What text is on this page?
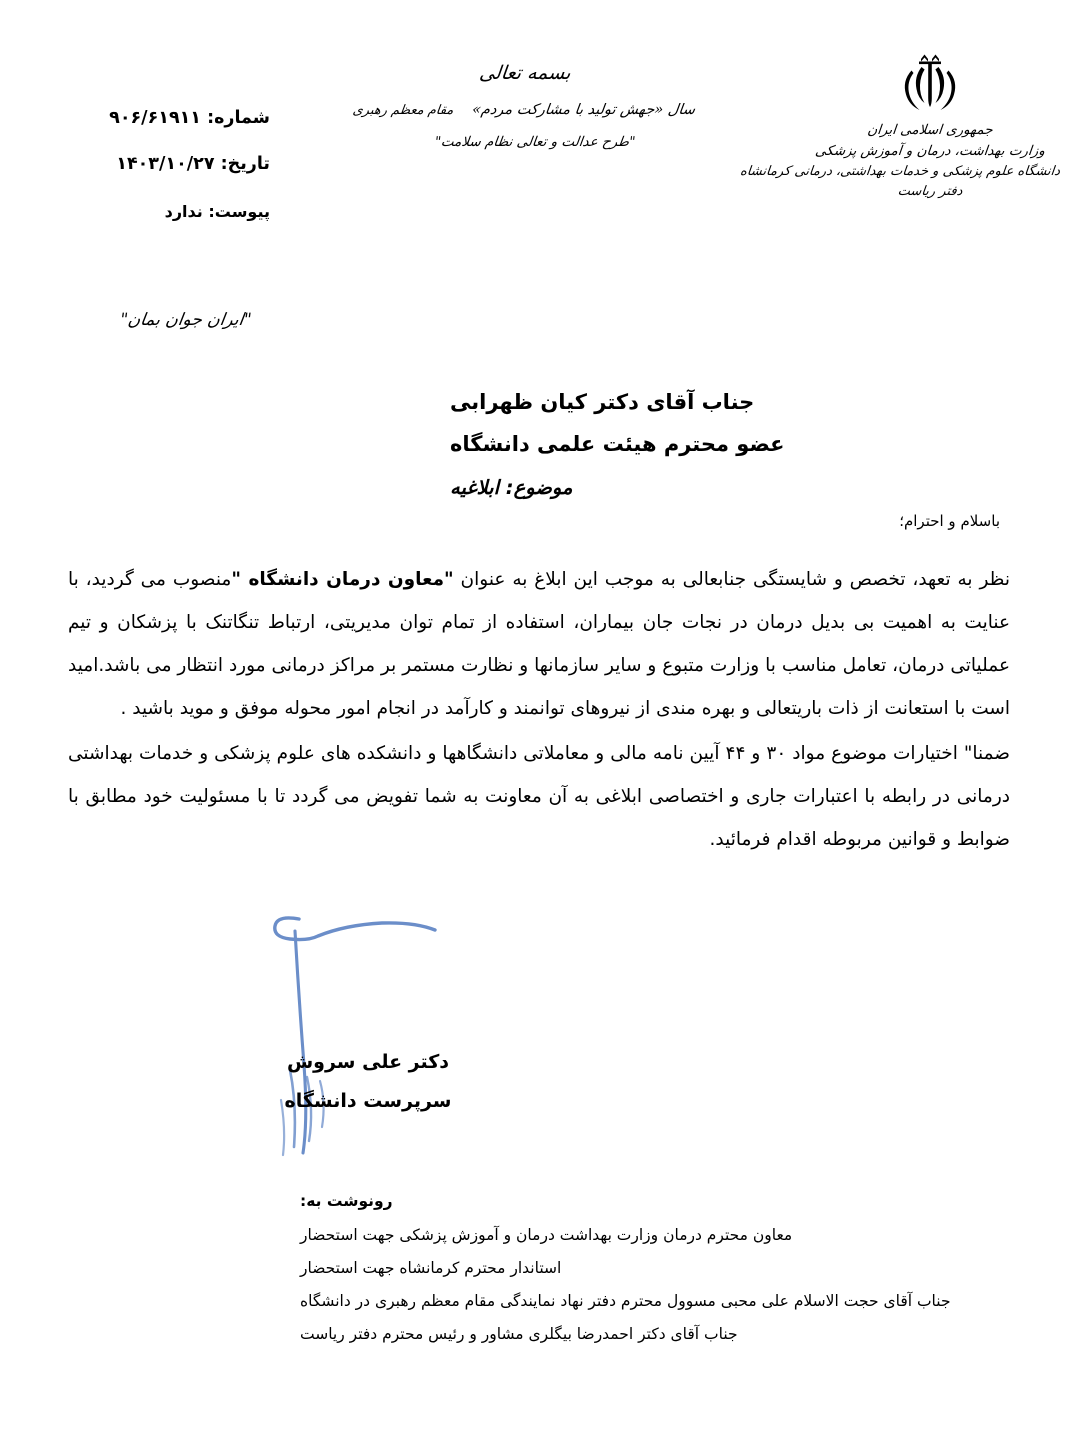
شماره: ۹۰۶/۶۱۹۱۱
تاریخ: ۱۴۰۳/۱۰/۲۷
پیوست: ندارد
بسمه تعالی
سال «جهش تولید با مشارکت مردم» مقام معظم رهبری
"طرح عدالت و تعالی نظام سلامت"
جمهوری اسلامی ایران
وزارت بهداشت، درمان و آموزش پزشکی
دانشگاه علوم پزشکی و خدمات بهداشتی، درمانی کرمانشاه
دفتر ریاست
"ایران جوان بمان"
جناب آقای دکتر کیان ظهرابی
عضو محترم هیئت علمی دانشگاه
موضوع: ابلاغیه
باسلام و احترام؛

نظر به تعهد، تخصص و شایستگی جنابعالی به موجب این ابلاغ به عنوان "معاون درمان دانشگاه "منصوب می گردید، با عنایت به اهمیت بی بدیل درمان در نجات جان بیماران، استفاده از تمام توان مدیریتی، ارتباط تنگاتنک با پزشکان و تیم عملیاتی درمان، تعامل مناسب با وزارت متبوع و سایر سازمانها و نظارت مستمر بر مراکز درمانی مورد انتظار می باشد.امید است با استعانت از ذات باریتعالی و بهره مندی از نیروهای توانمند و کارآمد در انجام امور محوله موفق و موید باشید .

ضمنا" اختیارات موضوع مواد ۳۰ و ۴۴ آیین نامه مالی و معاملاتی دانشگاهها و دانشکده های علوم پزشکی و خدمات بهداشتی درمانی در رابطه با اعتبارات جاری و اختصاصی ابلاغی به آن معاونت به شما تفویض می گردد تا با مسئولیت خود مطابق با ضوابط و قوانین مربوطه اقدام فرمائید.

دکتر علی سروش
سرپرست دانشگاه
رونوشت به:
معاون محترم درمان وزارت بهداشت درمان و آموزش پزشکی جهت استحضار
استاندار محترم کرمانشاه جهت استحضار
جناب آقای حجت الاسلام علی محبی مسوول محترم دفتر نهاد نمایندگی مقام معظم رهبری در دانشگاه
جناب آقای دکتر احمدرضا بیگلری مشاور و رئیس محترم دفتر ریاست
